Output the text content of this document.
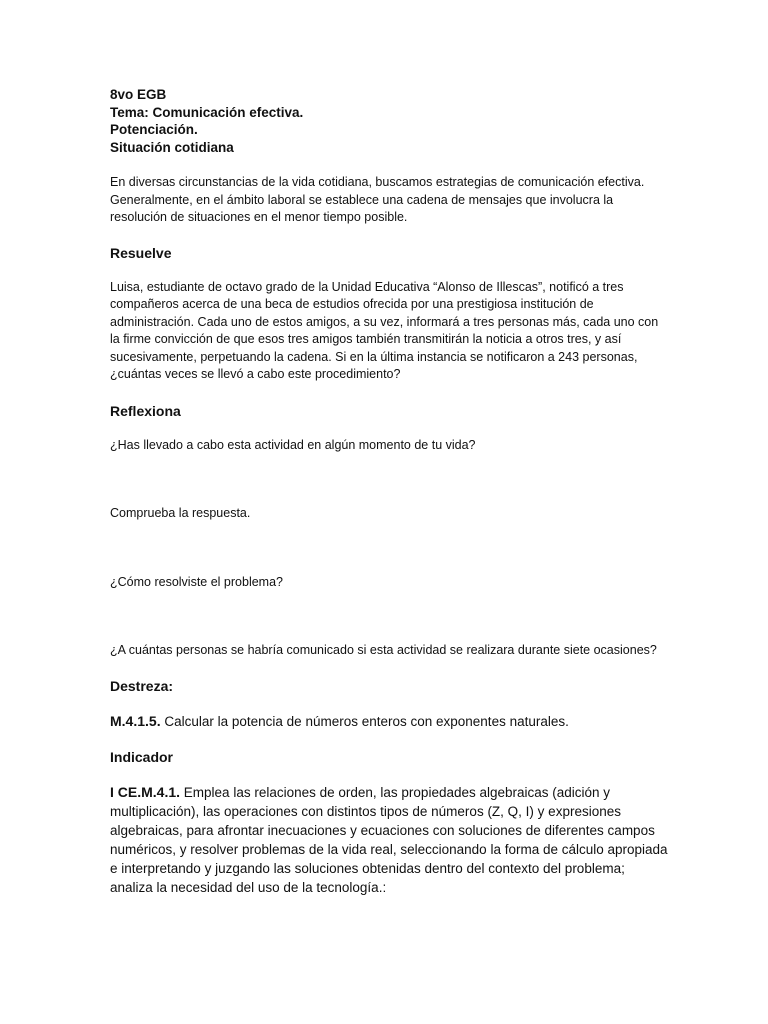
8vo EGB

Tema: Comunicación efectiva.

Potenciación.

Situación cotidiana

En diversas circunstancias de la vida cotidiana, buscamos estrategias de comunicación efectiva. Generalmente, en el ámbito laboral se establece una cadena de mensajes que involucra la resolución de situaciones en el menor tiempo posible.

Resuelve

Luisa, estudiante de octavo grado de la Unidad Educativa “Alonso de Illescas”, notificó a tres compañeros acerca de una beca de estudios ofrecida por una prestigiosa institución de administración. Cada uno de estos amigos, a su vez, informará a tres personas más, cada uno con la firme convicción de que esos tres amigos también transmitirán la noticia a otros tres, y así sucesivamente, perpetuando la cadena. Si en la última instancia se notificaron a 243 personas, ¿cuántas veces se llevó a cabo este procedimiento?

Reflexiona

¿Has llevado a cabo esta actividad en algún momento de tu vida?

Comprueba la respuesta.

¿Cómo resolviste el problema?

¿A cuántas personas se habría comunicado si esta actividad se realizara durante siete ocasiones?

Destreza:

M.4.1.5. Calcular la potencia de números enteros con exponentes naturales.

Indicador

I CE.M.4.1. Emplea las relaciones de orden, las propiedades algebraicas (adición y multiplicación), las operaciones con distintos tipos de números (Z, Q, I) y expresiones algebraicas, para afrontar inecuaciones y ecuaciones con soluciones de diferentes campos numéricos, y resolver problemas de la vida real, seleccionando la forma de cálculo apropiada e interpretando y juzgando las soluciones obtenidas dentro del contexto del problema; analiza la necesidad del uso de la tecnología.:
